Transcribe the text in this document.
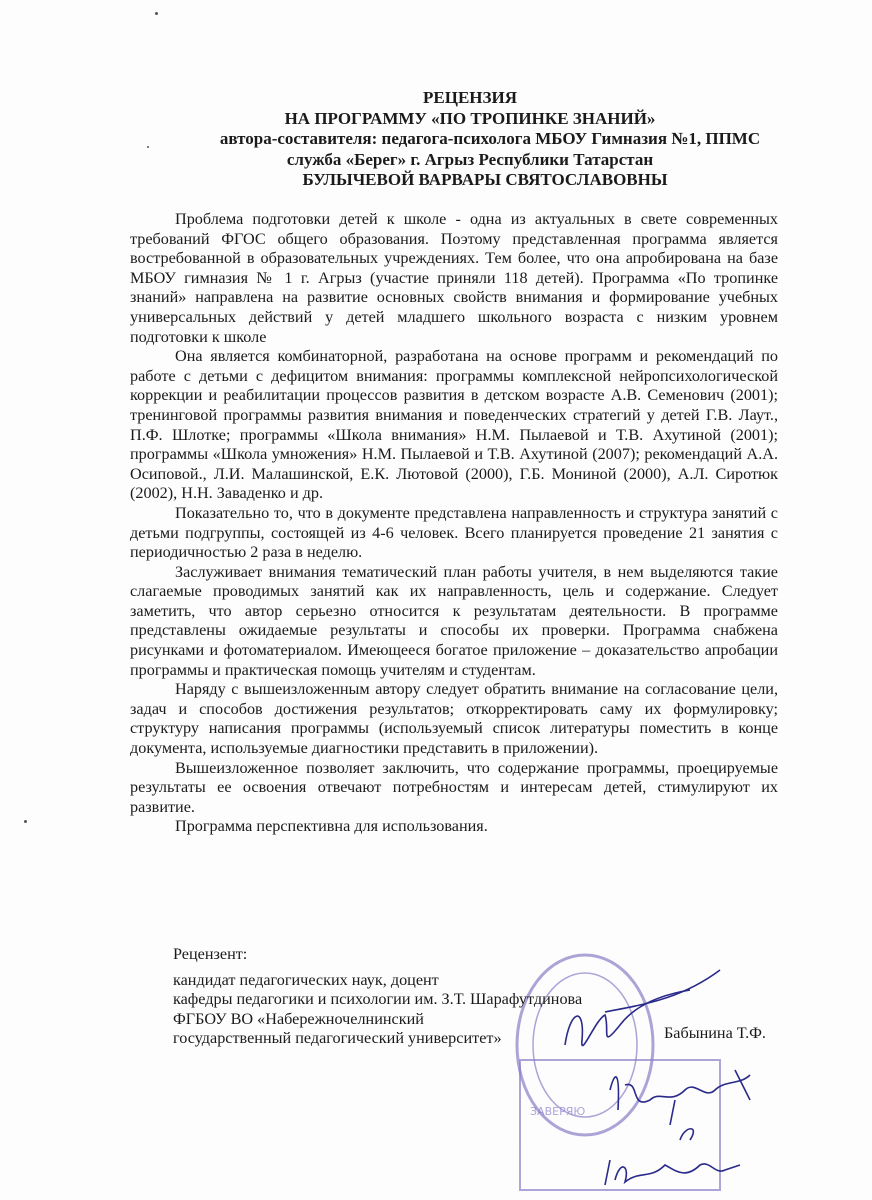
РЕЦЕНЗИЯ
НА ПРОГРАММУ «ПО ТРОПИНКЕ ЗНАНИЙ»
автора-составителя: педагога-психолога МБОУ Гимназия №1, ППМС
служба «Берег» г. Агрыз Республики Татарстан
БУЛЫЧЕВОЙ ВАРВАРЫ СВЯТОСЛАВОВНЫ

Проблема подготовки детей к школе - одна из актуальных в свете современных требований ФГОС общего образования. Поэтому представленная программа является востребованной в образовательных учреждениях. Тем более, что она апробирована на базе МБОУ гимназия № 1 г. Агрыз (участие приняли 118 детей). Программа «По тропинке знаний» направлена на развитие основных свойств внимания и формирование учебных универсальных действий у детей младшего школьного возраста с низким уровнем подготовки к школе

Она является комбинаторной, разработана на основе программ и рекомендаций по работе с детьми с дефицитом внимания: программы комплексной нейропсихологической коррекции и реабилитации процессов развития в детском возрасте А.В. Семенович (2001); тренинговой программы развития внимания и поведенческих стратегий у детей Г.В. Лаут., П.Ф. Шлотке; программы «Школа внимания» Н.М. Пылаевой и Т.В. Ахутиной (2001); программы «Школа умножения» Н.М. Пылаевой и Т.В. Ахутиной (2007); рекомендаций А.А. Осиповой., Л.И. Малашинской, Е.К. Лютовой (2000), Г.Б. Мониной (2000), А.Л. Сиротюк (2002), Н.Н. Заваденко и др.

Показательно то, что в документе представлена направленность и структура занятий с детьми подгруппы, состоящей из 4-6 человек. Всего планируется проведение 21 занятия с периодичностью 2 раза в неделю.

Заслуживает внимания тематический план работы учителя, в нем выделяются такие слагаемые проводимых занятий как их направленность, цель и содержание. Следует заметить, что автор серьезно относится к результатам деятельности. В программе представлены ожидаемые результаты и способы их проверки. Программа снабжена рисунками и фотоматериалом. Имеющееся богатое приложение – доказательство апробации программы и практическая помощь учителям и студентам.

Наряду с вышеизложенным автору следует обратить внимание на согласование цели, задач и способов достижения результатов; откорректировать саму их формулировку; структуру написания программы (используемый список литературы поместить в конце документа, используемые диагностики представить в приложении).

Вышеизложенное позволяет заключить, что содержание программы, проецируемые результаты ее освоения отвечают потребностям и интересам детей, стимулируют их развитие.

Программа перспективна для использования.

ЗАВЕРЯЮ
Рецензент:
кандидат педагогических наук, доцент
кафедры педагогики и психологии им. З.Т. Шарафутдинова
ФГБОУ ВО «Набережночелнинский
государственный педагогический университет»	Бабынина Т.Ф.
